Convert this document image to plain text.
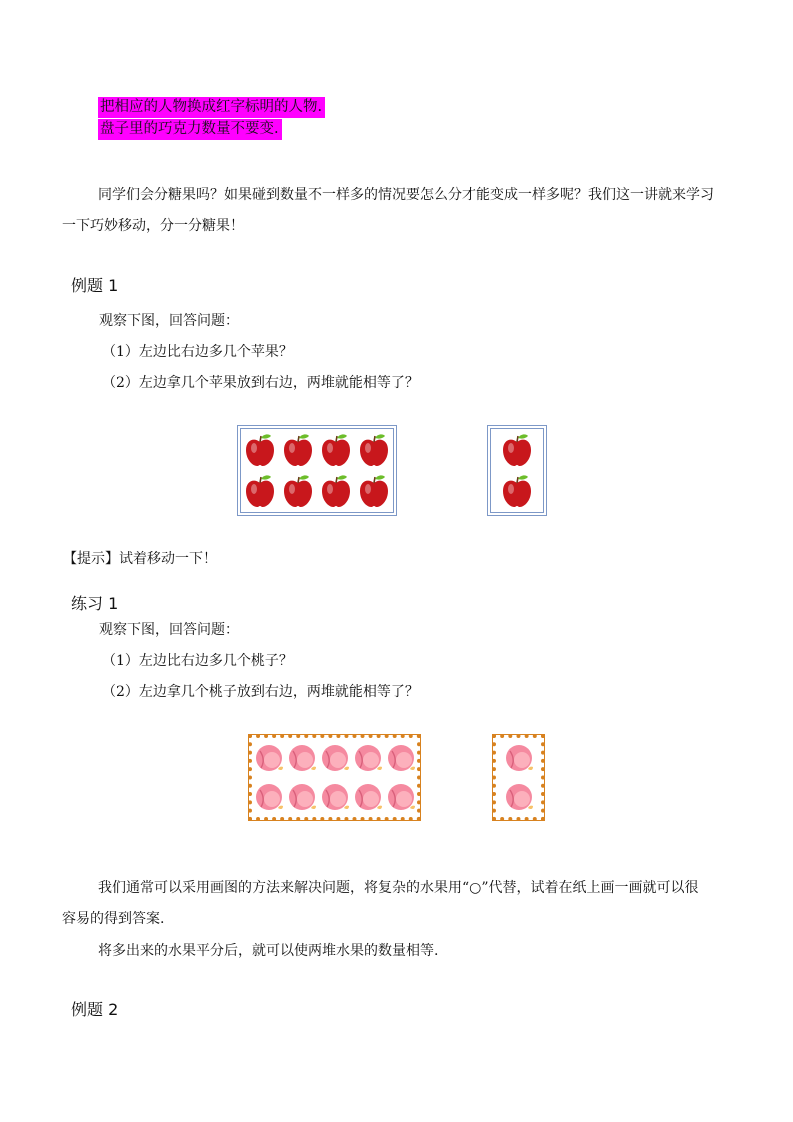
把相应的人物换成红字标明的人物.
盘子里的巧克力数量不要变.
同学们会分糖果吗？如果碰到数量不一样多的情况要怎么分才能变成一样多呢？我们这一讲就来学习
一下巧妙移动，分一分糖果！
例题 1
观察下图，回答问题：
（1）左边比右边多几个苹果？
（2）左边拿几个苹果放到右边，两堆就能相等了？
【提示】试着移动一下！
练习 1
观察下图，回答问题：
（1）左边比右边多几个桃子？
（2）左边拿几个桃子放到右边，两堆就能相等了？
我们通常可以采用画图的方法来解决问题，将复杂的水果用“○”代替，试着在纸上画一画就可以很
容易的得到答案.
将多出来的水果平分后，就可以使两堆水果的数量相等.
例题 2
